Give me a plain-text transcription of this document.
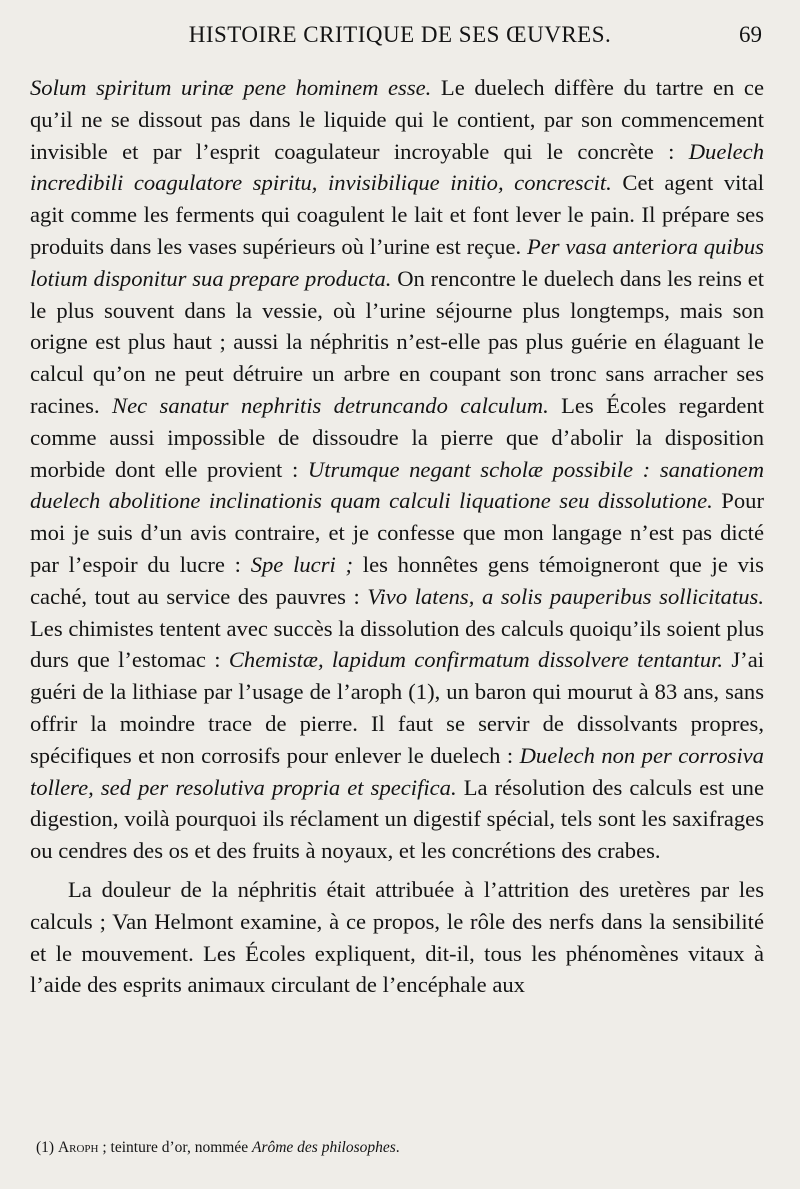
HISTOIRE CRITIQUE DE SES ŒUVRES.	69

Solum spiritum urinæ pene hominem esse. Le duelech diffère du tartre en ce qu’il ne se dissout pas dans le liquide qui le contient, par son commencement invisible et par l’esprit coagulateur incroyable qui le concrète : Duelech incredibili coagulatore spiritu, invisibilique initio, concrescit. Cet agent vital agit comme les ferments qui coagulent le lait et font lever le pain. Il prépare ses produits dans les vases supérieurs où l’urine est reçue. Per vasa anteriora quibus lotium disponitur sua prepare producta. On rencontre le duelech dans les reins et le plus souvent dans la vessie, où l’urine séjourne plus longtemps, mais son origne est plus haut ; aussi la néphritis n’est-elle pas plus guérie en élaguant le calcul qu’on ne peut détruire un arbre en coupant son tronc sans arracher ses racines. Nec sanatur nephritis detruncando calculum. Les Écoles regardent comme aussi impossible de dissoudre la pierre que d’abolir la disposition morbide dont elle provient : Utrumque negant scholæ possibile : sanationem duelech abolitione inclinationis quam calculi liquatione seu dissolutione. Pour moi je suis d’un avis contraire, et je confesse que mon langage n’est pas dicté par l’espoir du lucre : Spe lucri ; les honnêtes gens témoigneront que je vis caché, tout au service des pauvres : Vivo latens, a solis pauperibus sollicitatus. Les chimistes tentent avec succès la dissolution des calculs quoiqu’ils soient plus durs que l’estomac : Chemistæ, lapidum confirmatum dissolvere tentantur. J’ai guéri de la lithiase par l’usage de l’aroph (1), un baron qui mourut à 83 ans, sans offrir la moindre trace de pierre. Il faut se servir de dissolvants propres, spécifiques et non corrosifs pour enlever le duelech : Duelech non per corrosiva tollere, sed per resolutiva propria et specifica. La résolution des calculs est une digestion, voilà pourquoi ils réclament un digestif spécial, tels sont les saxifrages ou cendres des os et des fruits à noyaux, et les concrétions des crabes.

La douleur de la néphritis était attribuée à l’attrition des uretères par les calculs ; Van Helmont examine, à ce propos, le rôle des nerfs dans la sensibilité et le mouvement. Les Écoles expliquent, dit-il, tous les phénomènes vitaux à l’aide des esprits animaux circulant de l’encéphale aux

(1) Aroph ; teinture d’or, nommée Arôme des philosophes.
